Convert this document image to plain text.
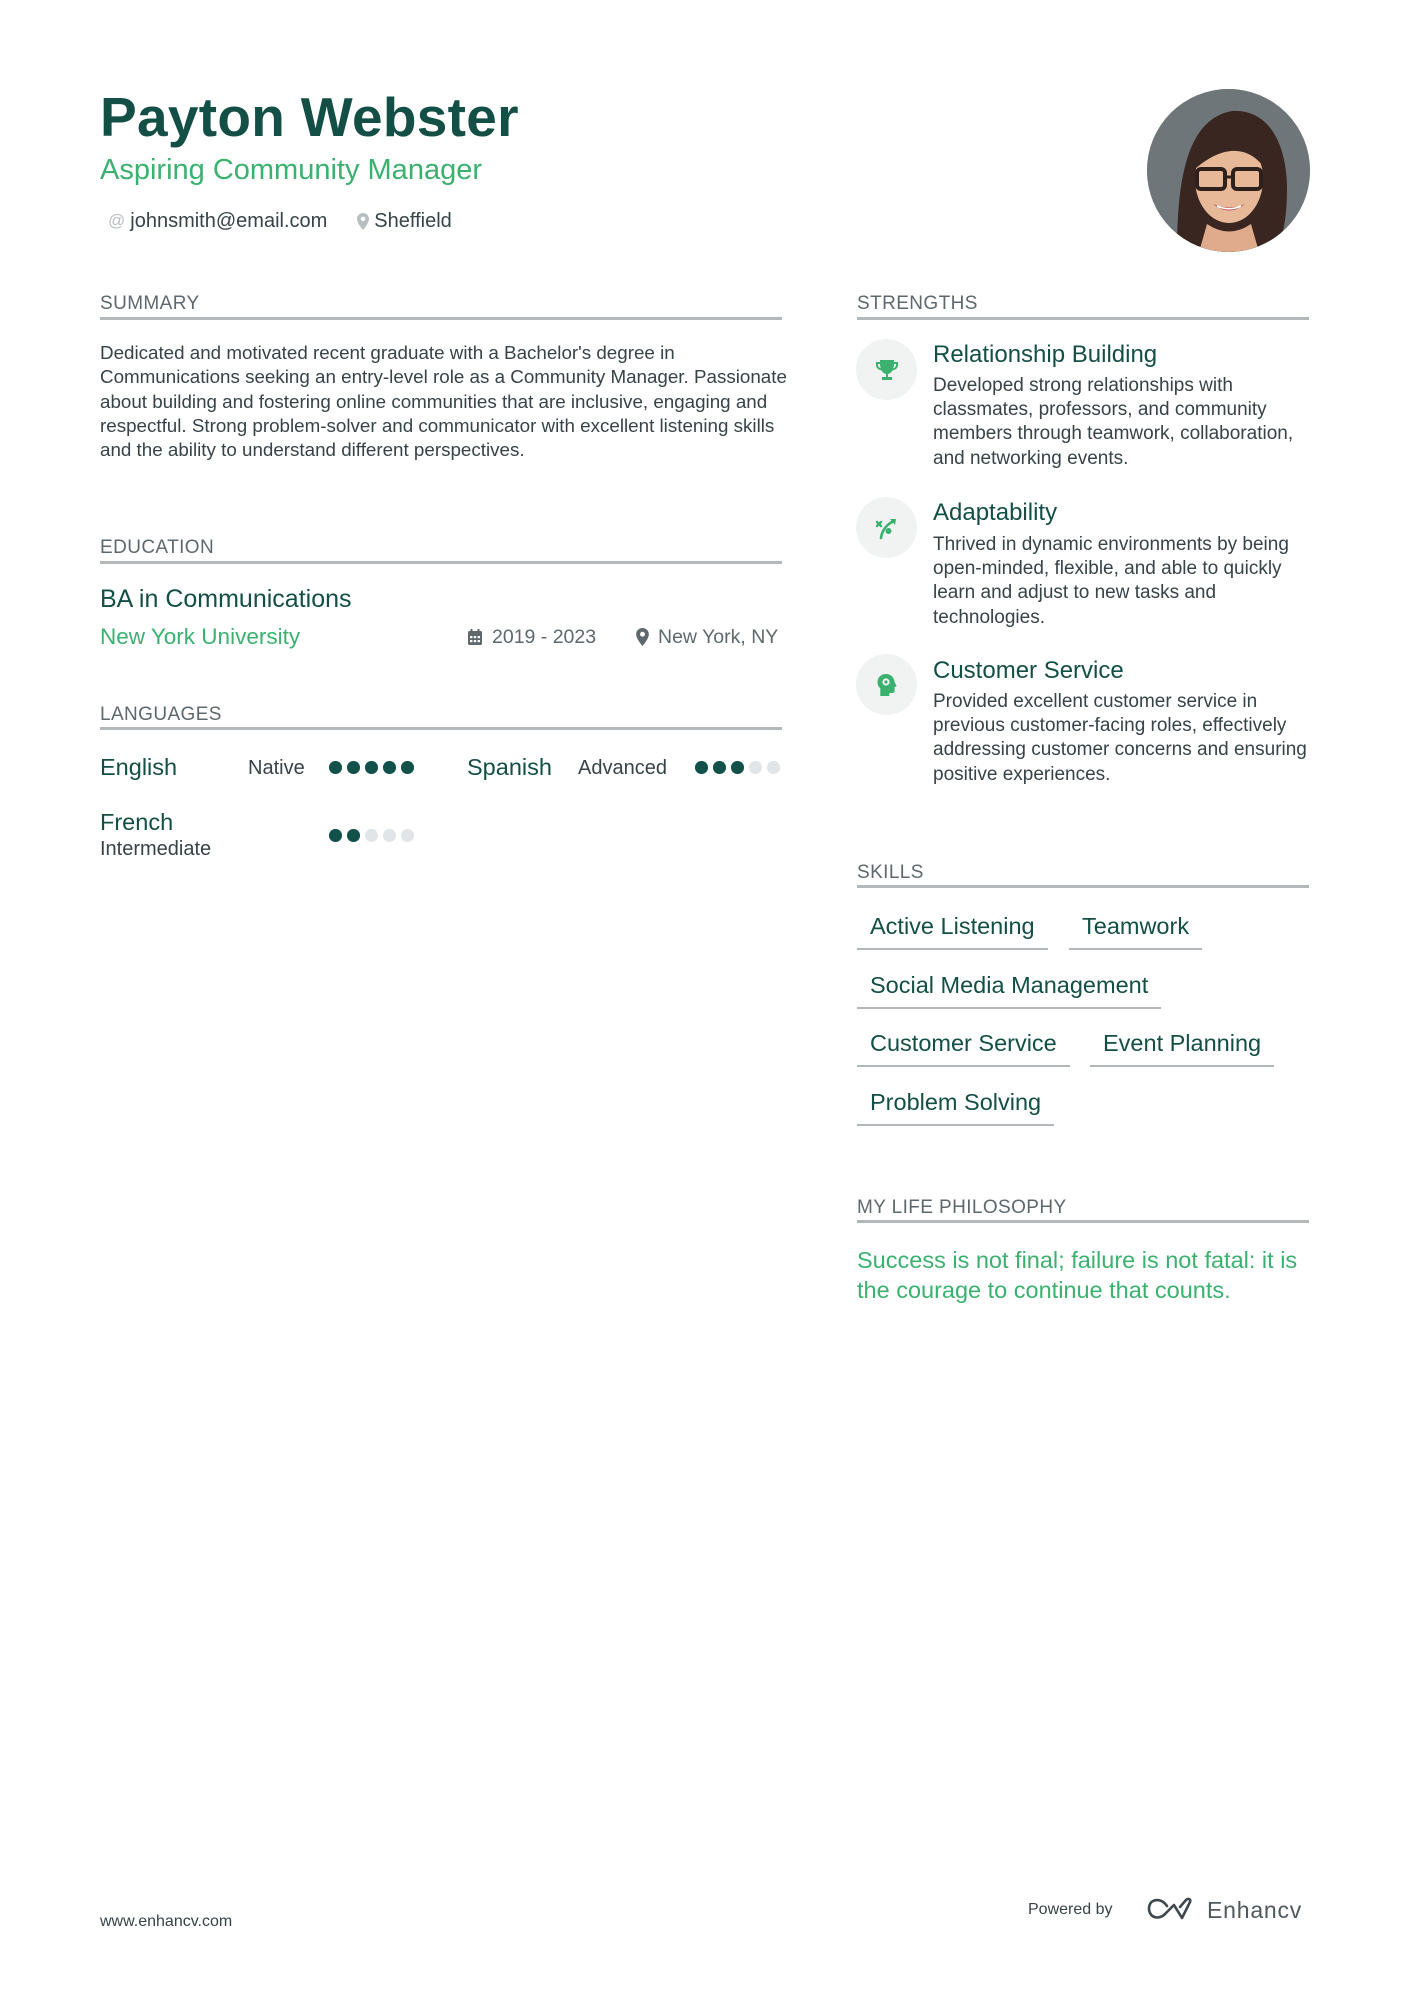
Payton Webster
Aspiring Community Manager
@ johnsmith@email.com Sheffield
SUMMARY
Dedicated and motivated recent graduate with a Bachelor's degree in Communications seeking an entry-level role as a Community Manager. Passionate about building and fostering online communities that are inclusive, engaging and respectful. Strong problem-solver and communicator with excellent listening skills and the ability to understand different perspectives.
EDUCATION
BA in Communications
New York University	2019 - 2023	New York, NY
LANGUAGES
English	Native	Spanish Advanced
French
Intermediate
STRENGTHS
Relationship Building
Developed strong relationships with classmates, professors, and community members through teamwork, collaboration, and networking events.
Adaptability
Thrived in dynamic environments by being open-minded, flexible, and able to quickly learn and adjust to new tasks and technologies.
Customer Service
Provided excellent customer service in previous customer-facing roles, effectively addressing customer concerns and ensuring positive experiences.
SKILLS
Active Listening	Teamwork
Social Media Management
Customer Service	Event Planning
Problem Solving
MY LIFE PHILOSOPHY
Success is not final; failure is not fatal: it is the courage to continue that counts.
www.enhancv.com
Powered by	Enhancv
